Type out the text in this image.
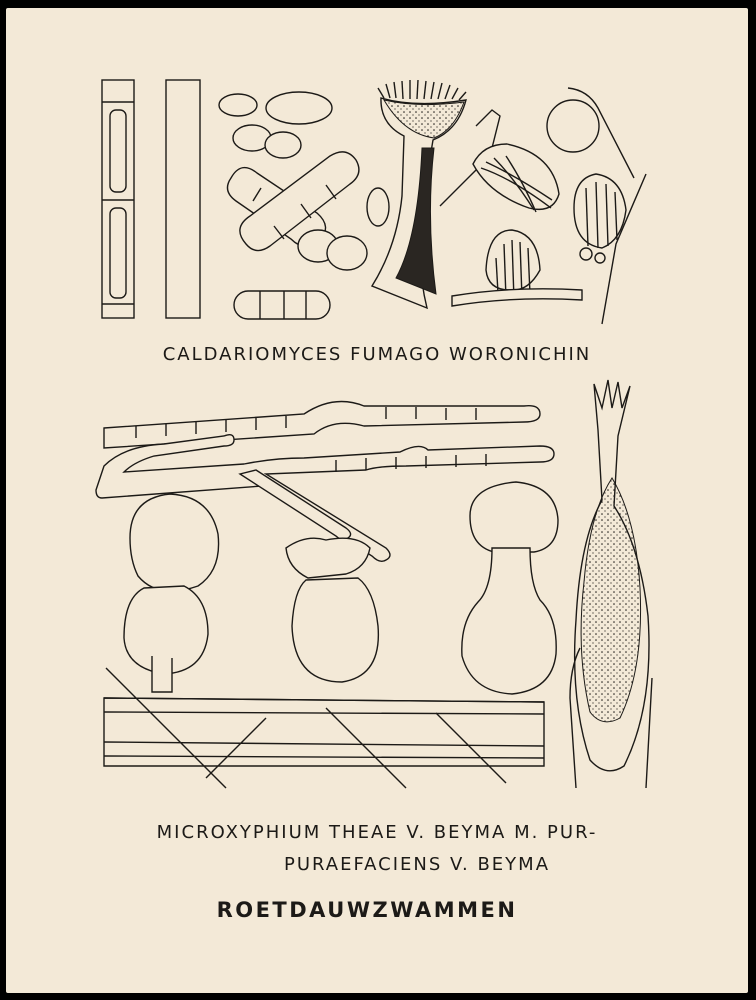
CALDARIOMYCES FUMAGO WORONICHIN
MICROXYPHIUM THEAE V. BEYMA M. PUR-
PURAEFACIENS V. BEYMA
ROETDAUWZWAMMEN
